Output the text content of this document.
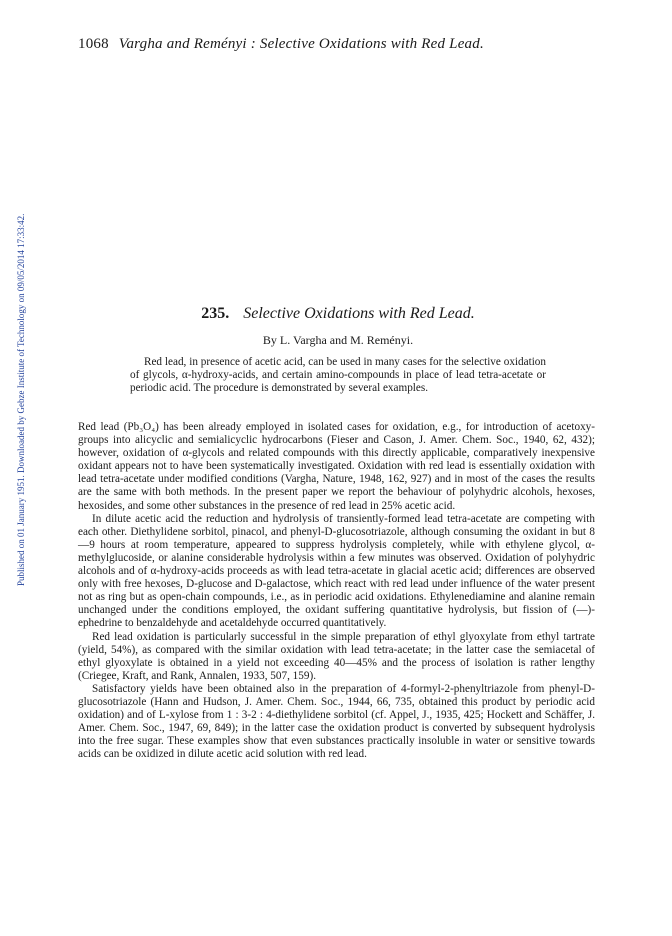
1068 Vargha and Reményi : Selective Oxidations with Red Lead.
Published on 01 January 1951. Downloaded by Gebze Institute of Technology on 09/05/2014 17:33:42.	235. Selective Oxidations with Red Lead.
By L. Vargha and M. Reményi.
Red lead, in presence of acetic acid, can be used in many cases for the selective oxidation of glycols, α-hydroxy-acids, and certain amino-compounds in place of lead tetra-acetate or periodic acid. The procedure is demonstrated by several examples.

Red lead (Pb₃O₄) has been already employed in isolated cases for oxidation, e.g., for introduction of acetoxy-groups into alicyclic and semialicyclic hydrocarbons (Fieser and Cason, J. Amer. Chem. Soc., 1940, 62, 432); however, oxidation of α-glycols and related compounds with this directly applicable, comparatively inexpensive oxidant appears not to have been systematically investigated. Oxidation with red lead is essentially oxidation with lead tetra-acetate under modified conditions (Vargha, Nature, 1948, 162, 927) and in most of the cases the results are the same with both methods. In the present paper we report the behaviour of polyhydric alcohols, hexoses, hexosides, and some other substances in the presence of red lead in 25% acetic acid.

In dilute acetic acid the reduction and hydrolysis of transiently-formed lead tetra-acetate are competing with each other. Diethylidene sorbitol, pinacol, and phenyl-D-glucosotriazole, although consuming the oxidant in but 8—9 hours at room temperature, appeared to suppress hydrolysis completely, while with ethylene glycol, α-methylglucoside, or alanine considerable hydrolysis within a few minutes was observed. Oxidation of polyhydric alcohols and of α-hydroxy-acids proceeds as with lead tetra-acetate in glacial acetic acid; differences are observed only with free hexoses, D-glucose and D-galactose, which react with red lead under influence of the water present not as ring but as open-chain compounds, i.e., as in periodic acid oxidations. Ethylenediamine and alanine remain unchanged under the conditions employed, the oxidant suffering quantitative hydrolysis, but fission of (—)-ephedrine to benzaldehyde and acetaldehyde occurred quantitatively.

Red lead oxidation is particularly successful in the simple preparation of ethyl glyoxylate from ethyl tartrate (yield, 54%), as compared with the similar oxidation with lead tetra-acetate; in the latter case the semiacetal of ethyl glyoxylate is obtained in a yield not exceeding 40—45% and the process of isolation is rather lengthy (Criegee, Kraft, and Rank, Annalen, 1933, 507, 159).

Satisfactory yields have been obtained also in the preparation of 4-formyl-2-phenyltriazole from phenyl-D-glucosotriazole (Hann and Hudson, J. Amer. Chem. Soc., 1944, 66, 735, obtained this product by periodic acid oxidation) and of L-xylose from 1 : 3-2 : 4-diethylidene sorbitol (cf. Appel, J., 1935, 425; Hockett and Schäffer, J. Amer. Chem. Soc., 1947, 69, 849); in the latter case the oxidation product is converted by subsequent hydrolysis into the free sugar. These examples show that even substances practically insoluble in water or sensitive towards acids can be oxidized in dilute acetic acid solution with red lead.
